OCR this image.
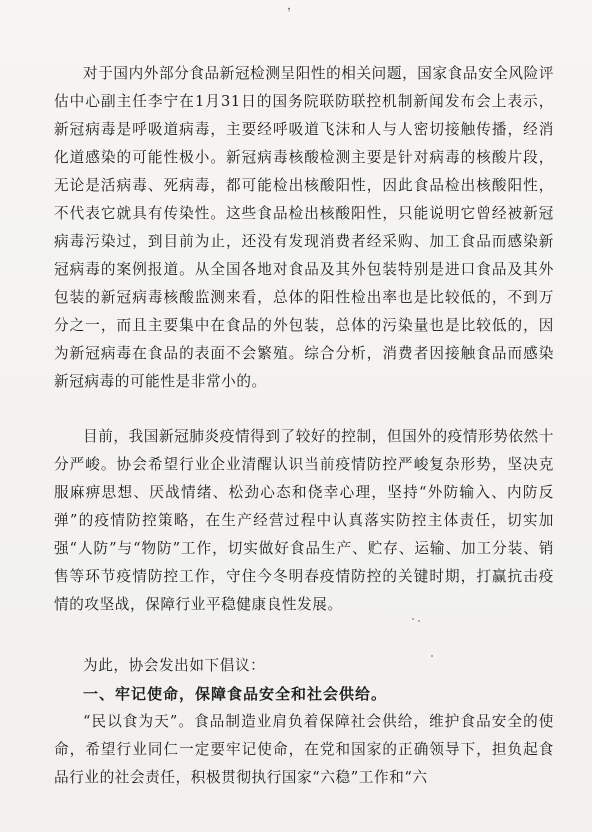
，

对于国内外部分食品新冠检测呈阳性的相关问题，国家食品安全风险评估中心副主任李宁在1月31日的国务院联防联控机制新闻发布会上表示，新冠病毒是呼吸道病毒，主要经呼吸道飞沫和人与人密切接触传播，经消化道感染的可能性极小。新冠病毒核酸检测主要是针对病毒的核酸片段，无论是活病毒、死病毒，都可能检出核酸阳性，因此食品检出核酸阳性，不代表它就具有传染性。这些食品检出核酸阳性，只能说明它曾经被新冠病毒污染过，到目前为止，还没有发现消费者经采购、加工食品而感染新冠病毒的案例报道。从全国各地对食品及其外包装特别是进口食品及其外包装的新冠病毒核酸监测来看，总体的阳性检出率也是比较低的，不到万分之一，而且主要集中在食品的外包装，总体的污染量也是比较低的，因为新冠病毒在食品的表面不会繁殖。综合分析，消费者因接触食品而感染新冠病毒的可能性是非常小的。

目前，我国新冠肺炎疫情得到了较好的控制，但国外的疫情形势依然十分严峻。协会希望行业企业清醒认识当前疫情防控严峻复杂形势，坚决克服麻痹思想、厌战情绪、松劲心态和侥幸心理，坚持“外防输入、内防反弹”的疫情防控策略，在生产经营过程中认真落实防控主体责任，切实加强“人防”与“物防”工作，切实做好食品生产、贮存、运输、加工分装、销售等环节疫情防控工作，守住今冬明春疫情防控的关键时期，打赢抗击疫情的攻坚战，保障行业平稳健康良性发展。

为此，协会发出如下倡议：

一、牢记使命，保障食品安全和社会供给。

“民以食为天”。食品制造业肩负着保障社会供给，维护食品安全的使命，希望行业同仁一定要牢记使命，在党和国家的正确领导下，担负起食品行业的社会责任，积极贯彻执行国家“六稳”工作和“六
